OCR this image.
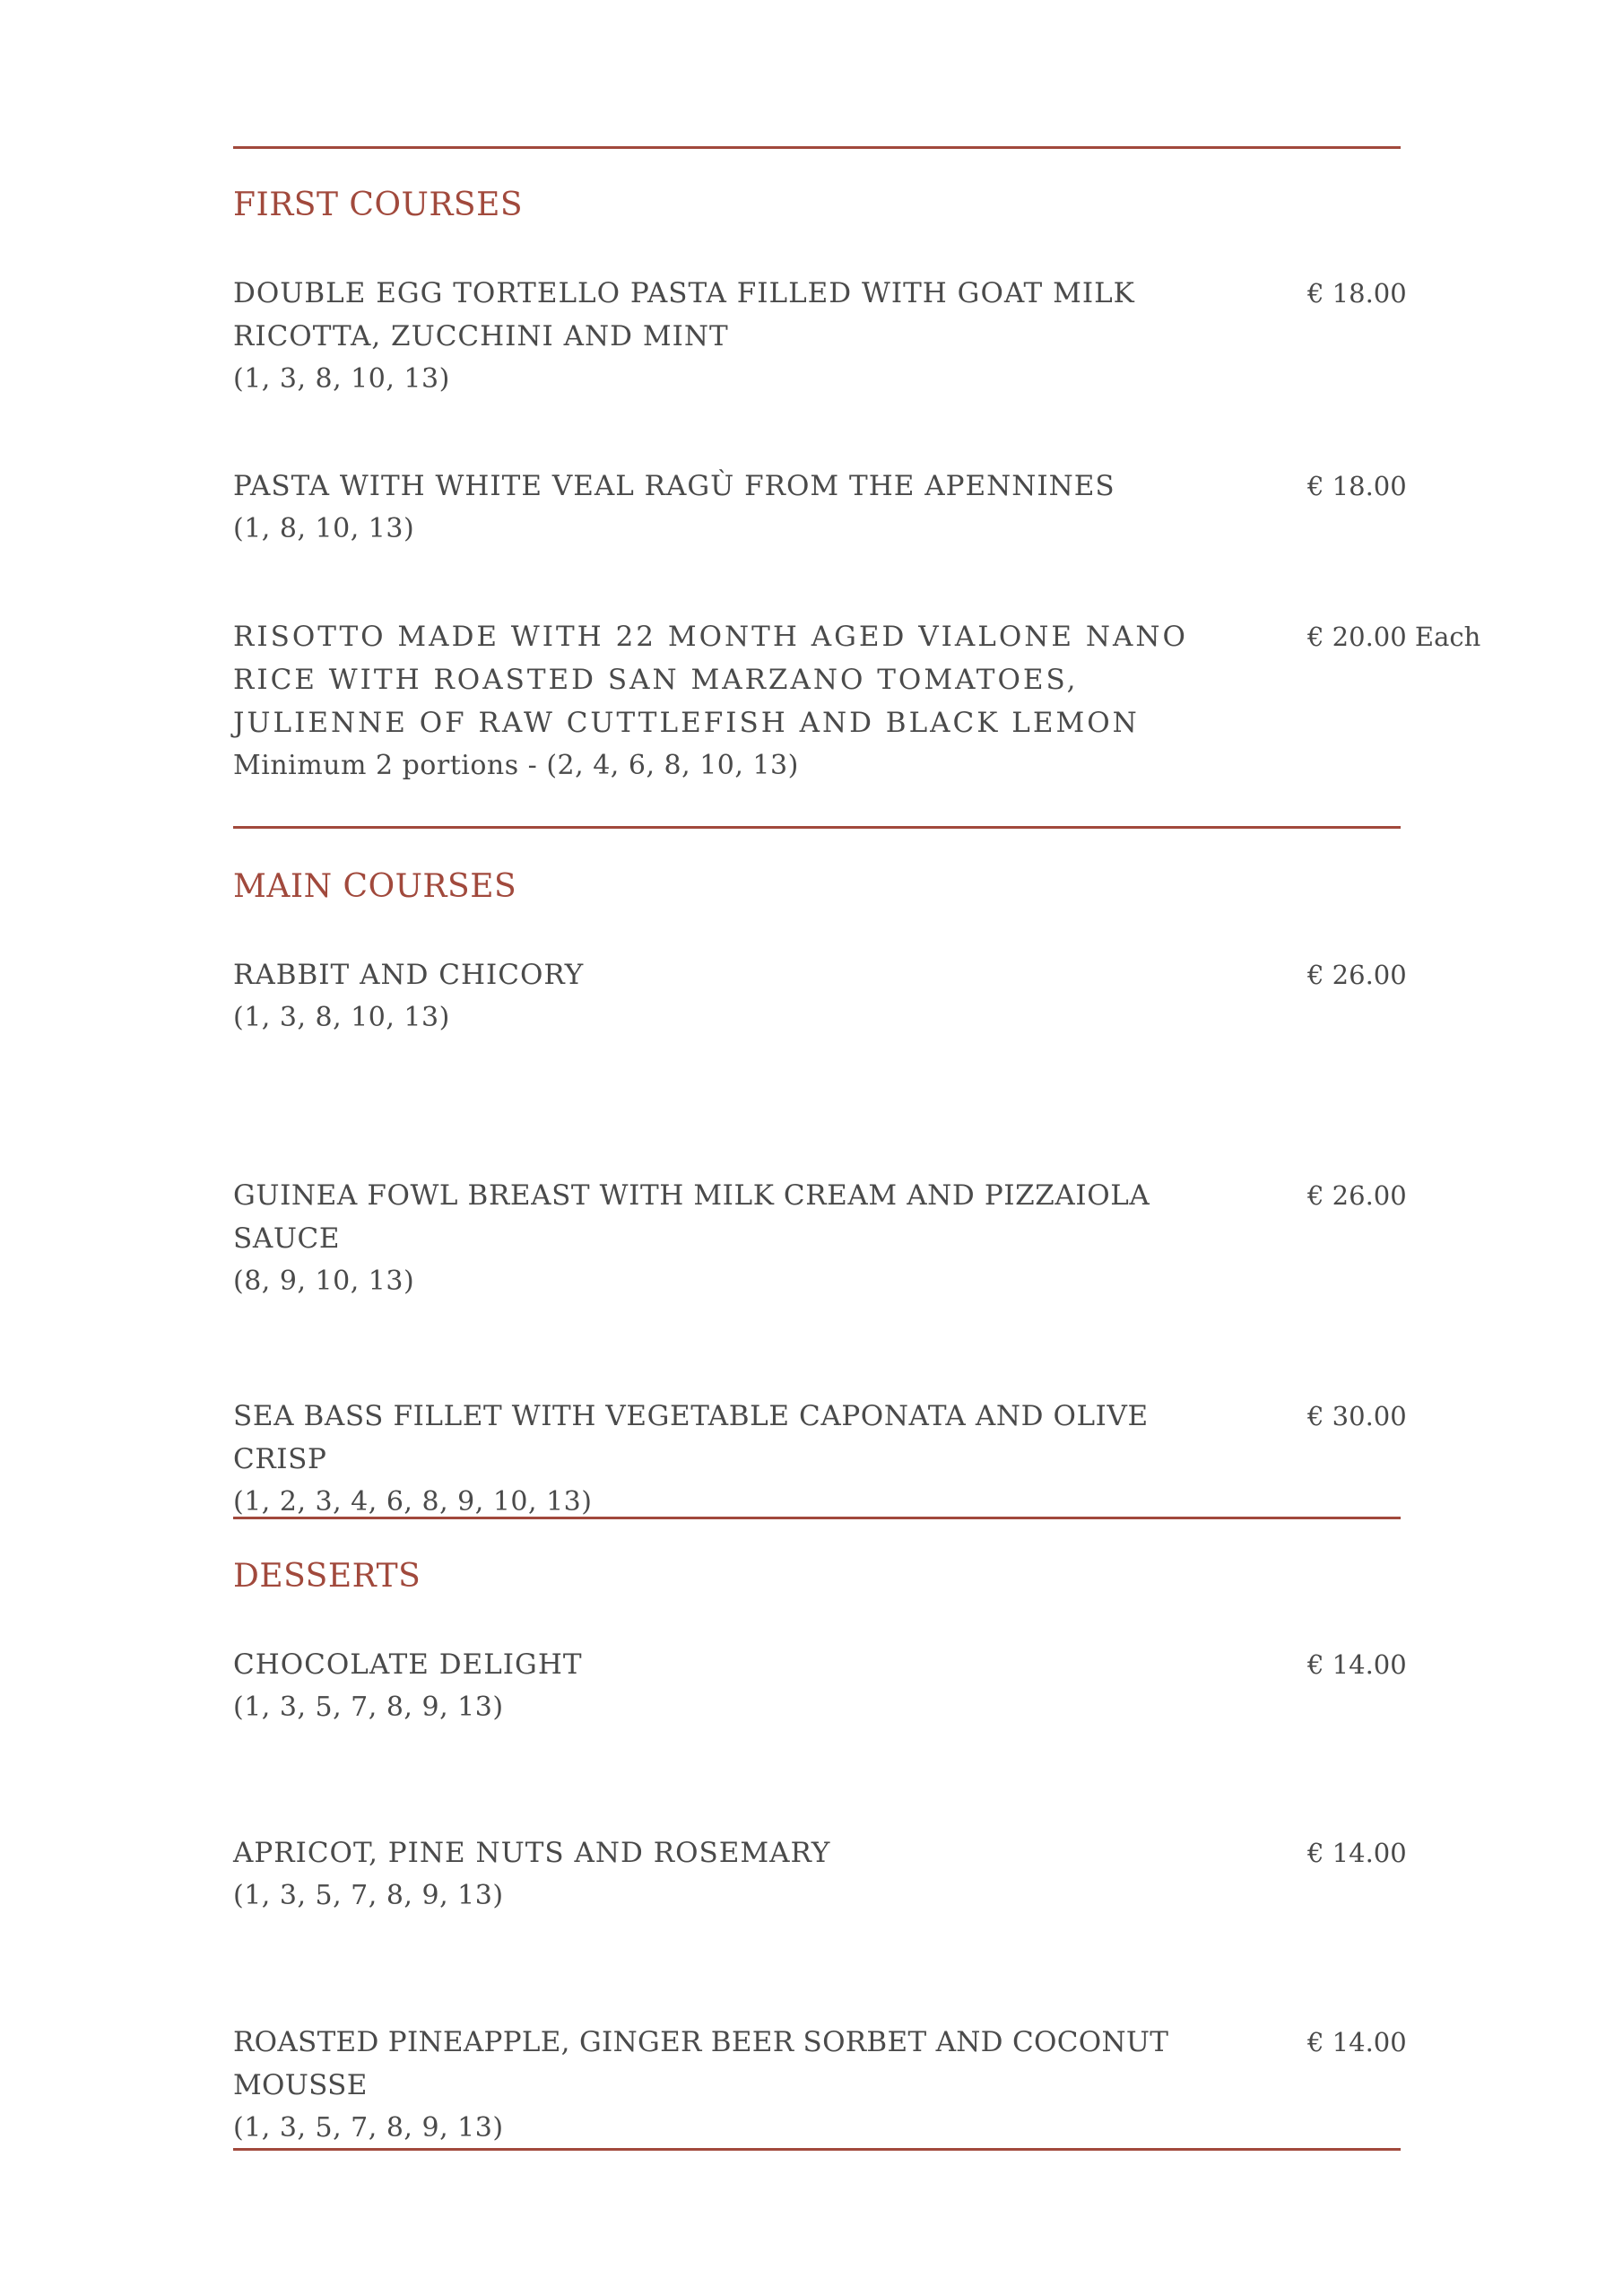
FIRST COURSES
DOUBLE EGG TORTELLO PASTA FILLED WITH GOAT MILK RICOTTA, ZUCCHINI AND MINT
(1, 3, 8, 10, 13)
€ 18.00
PASTA WITH WHITE VEAL RAGÙ FROM THE APENNINES
(1, 8, 10, 13)
€ 18.00
RISOTTO MADE WITH 22 MONTH AGED VIALONE NANO RICE WITH ROASTED SAN MARZANO TOMATOES, JULIENNE OF RAW CUTTLEFISH AND BLACK LEMON
Minimum 2 portions - (2, 4, 6, 8, 10, 13)
€ 20.00 Each
MAIN COURSES
RABBIT AND CHICORY
(1, 3, 8, 10, 13)
€ 26.00
GUINEA FOWL BREAST WITH MILK CREAM AND PIZZAIOLA SAUCE
(8, 9, 10, 13)
€ 26.00
SEA BASS FILLET WITH VEGETABLE CAPONATA AND OLIVE CRISP
(1, 2, 3, 4, 6, 8, 9, 10, 13)
€ 30.00
DESSERTS
CHOCOLATE DELIGHT
(1, 3, 5, 7, 8, 9, 13)
€ 14.00
APRICOT, PINE NUTS AND ROSEMARY
(1, 3, 5, 7, 8, 9, 13)
€ 14.00
ROASTED PINEAPPLE, GINGER BEER SORBET AND COCONUT MOUSSE
(1, 3, 5, 7, 8, 9, 13)
€ 14.00
